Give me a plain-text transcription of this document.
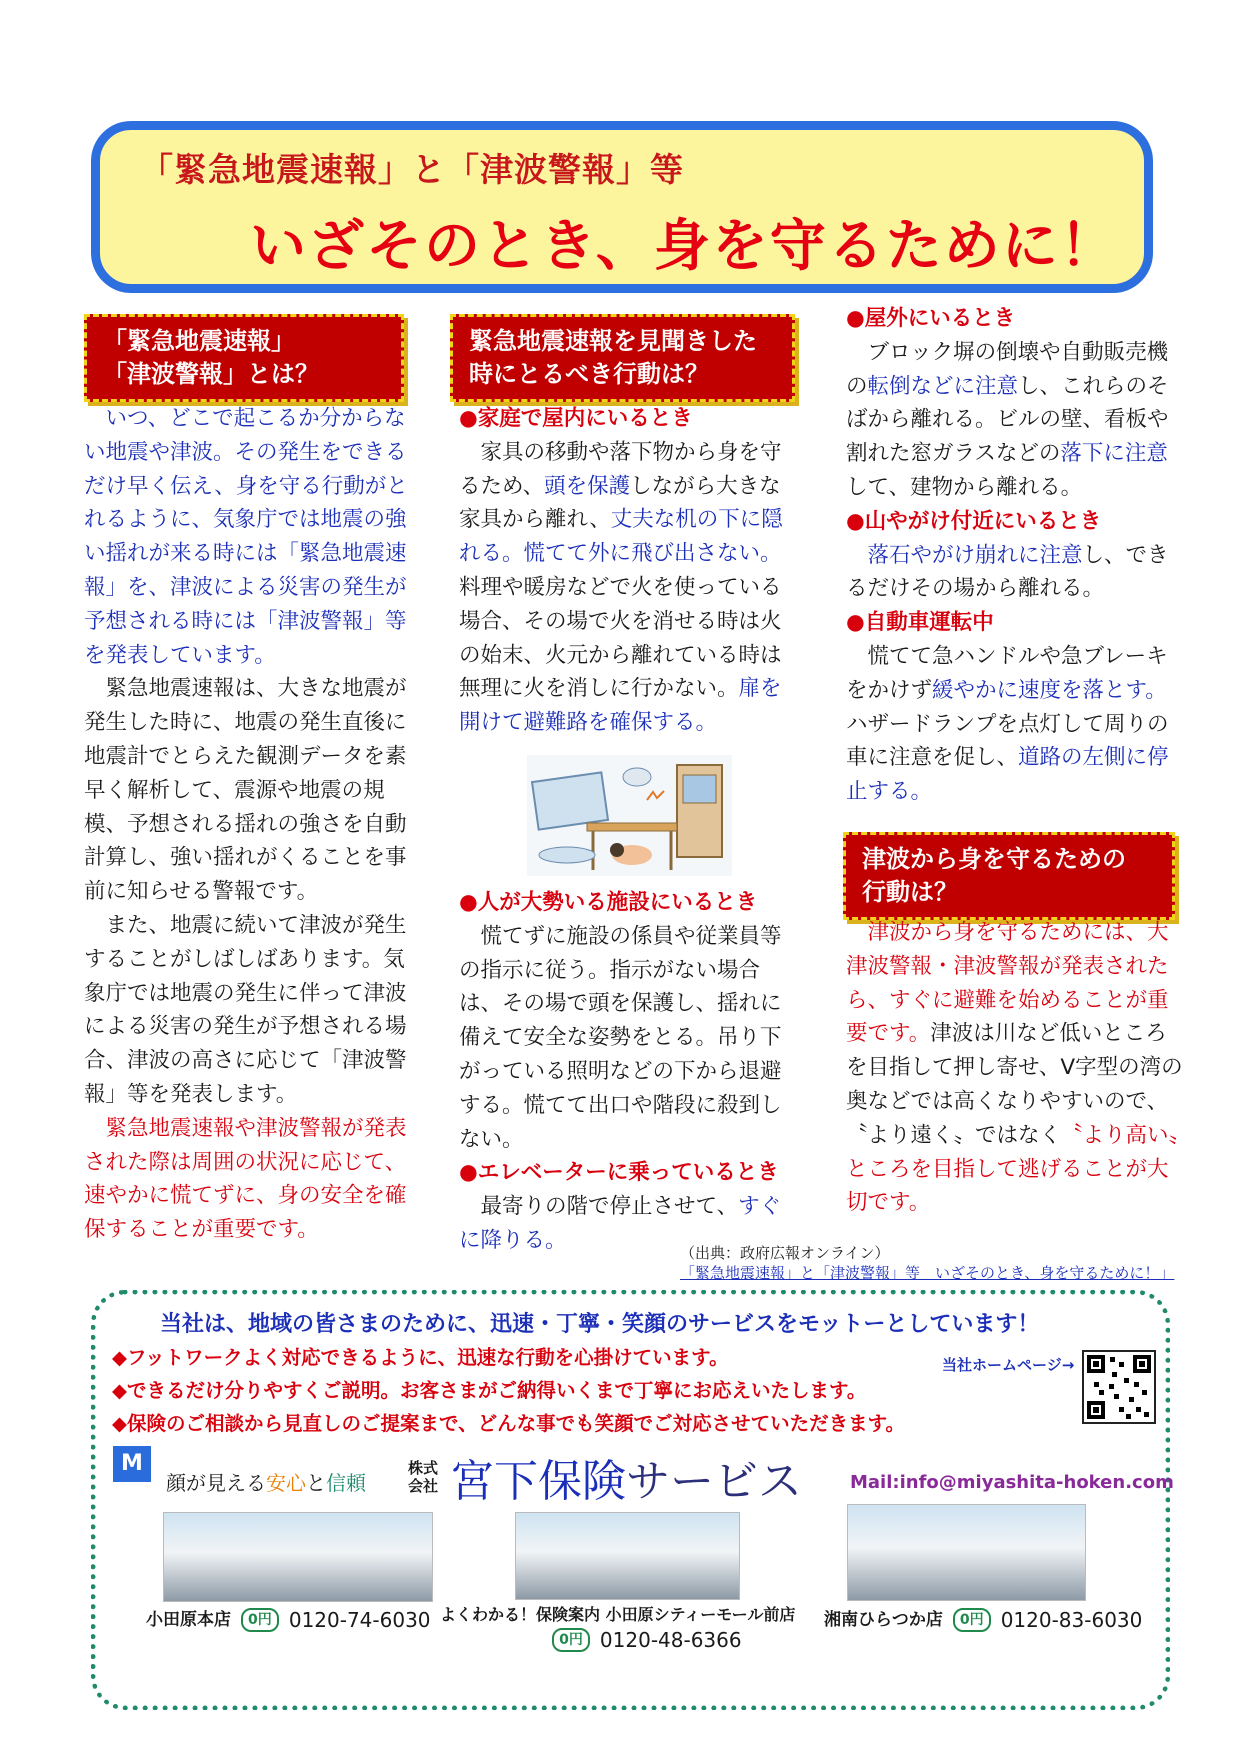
「緊急地震速報」と「津波警報」等
いざそのとき、身を守るために！
「緊急地震速報」
「津波警報」とは？

いつ、どこで起こるか分からない地震や津波。その発生をできるだけ早く伝え、身を守る行動がとれるように、気象庁では地震の強い揺れが来る時には「緊急地震速報」を、津波による災害の発生が予想される時には「津波警報」等を発表しています。

緊急地震速報は、大きな地震が発生した時に、地震の発生直後に地震計でとらえた観測データを素早く解析して、震源や地震の規模、予想される揺れの強さを自動計算し、強い揺れがくることを事前に知らせる警報です。

また、地震に続いて津波が発生することがしばしばあります。気象庁では地震の発生に伴って津波による災害の発生が予想される場合、津波の高さに応じて「津波警報」等を発表します。

緊急地震速報や津波警報が発表された際は周囲の状況に応じて、速やかに慌てずに、身の安全を確保することが重要です。

緊急地震速報を見聞きした
時にとるべき行動は？

●家庭で屋内にいるとき

家具の移動や落下物から身を守るため、頭を保護しながら大きな家具から離れ、丈夫な机の下に隠れる。慌てて外に飛び出さない。料理や暖房などで火を使っている場合、その場で火を消せる時は火の始末、火元から離れている時は無理に火を消しに行かない。扉を開けて避難路を確保する。

●人が大勢いる施設にいるとき

慌てずに施設の係員や従業員等の指示に従う。指示がない場合は、その場で頭を保護し、揺れに備えて安全な姿勢をとる。吊り下がっている照明などの下から退避する。慌てて出口や階段に殺到しない。

●エレベーターに乗っているとき

最寄りの階で停止させて、すぐに降りる。

●屋外にいるとき

ブロック塀の倒壊や自動販売機の転倒などに注意し、これらのそばから離れる。ビルの壁、看板や割れた窓ガラスなどの落下に注意して、建物から離れる。

●山やがけ付近にいるとき

落石やがけ崩れに注意し、できるだけその場から離れる。

●自動車運転中

慌てて急ハンドルや急ブレーキをかけず緩やかに速度を落とす。ハザードランプを点灯して周りの車に注意を促し、道路の左側に停止する。

津波から身を守るための
行動は？

津波から身を守るためには、大津波警報・津波警報が発表されたら、すぐに避難を始めることが重要です。津波は川など低いところを目指して押し寄せ、V字型の湾の奥などでは高くなりやすいので、〝より遠く〟ではなく〝より高い〟ところを目指して逃げることが大切です。

（出典：政府広報オンライン）
「緊急地震速報」と「津波警報」等　いざそのとき、身を守るために！」
当社は、地域の皆さまのために、迅速・丁寧・笑顔のサービスをモットーとしています！
◆フットワークよく対応できるように、迅速な行動を心掛けています。
◆できるだけ分りやすくご説明。お客さまがご納得いくまで丁寧にお応えいたします。
◆保険のご相談から見直しのご提案まで、どんな事でも笑顔でご対応させていただきます。
当社ホームページ→
M
顔が見える安心と信頼
株式
会社 宮下保険サービス	Mail:info@miyashita-hoken.com
小田原本店 0円 0120-74-6030 よくわかる！保険案内 小田原シティーモール前店
0円 0120-48-6366
湘南ひらつか店 0円 0120-83-6030
